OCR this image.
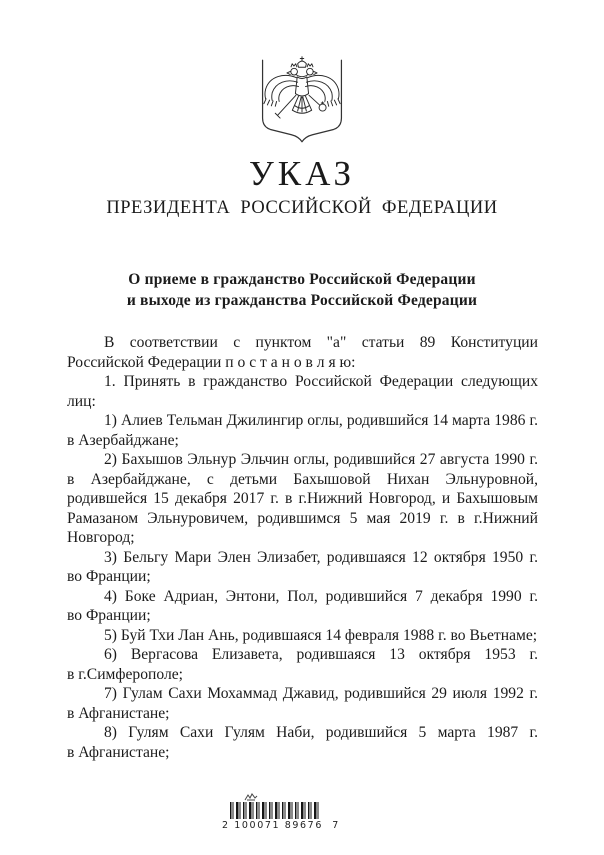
УКАЗ
ПРЕЗИДЕНТА РОССИЙСКОЙ ФЕДЕРАЦИИ
О приеме в гражданство Российской Федерации
и выходе из гражданства Российской Федерации

В соответствии с пунктом "а" статьи 89 Конституции Российской Федерации п о с т а н о в л я ю:

1. Принять в гражданство Российской Федерации следующих лиц:

1) Алиев Тельман Джилингир оглы, родившийся 14 марта 1986 г. в Азербайджане;

2) Бахышов Эльнур Эльчин оглы, родившийся 27 августа 1990 г. в Азербайджане, с детьми Бахышовой Нихан Эльнуровной, родившейся 15 декабря 2017 г. в г.Нижний Новгород, и Бахышовым Рамазаном Эльнуровичем, родившимся 5 мая 2019 г. в г.Нижний Новгород;

3) Бельгу Мари Элен Элизабет, родившаяся 12 октября 1950 г. во Франции;

4) Боке Адриан, Энтони, Пол, родившийся 7 декабря 1990 г. во Франции;

5) Буй Тхи Лан Ань, родившаяся 14 февраля 1988 г. во Вьетнаме;

6) Вергасова Елизавета, родившаяся 13 октября 1953 г. в г.Симферополе;

7) Гулам Сахи Мохаммад Джавид, родившийся 29 июля 1992 г. в Афганистане;

8) Гулям Сахи Гулям Наби, родившийся 5 марта 1987 г. в Афганистане;

2 100071 89676  7
